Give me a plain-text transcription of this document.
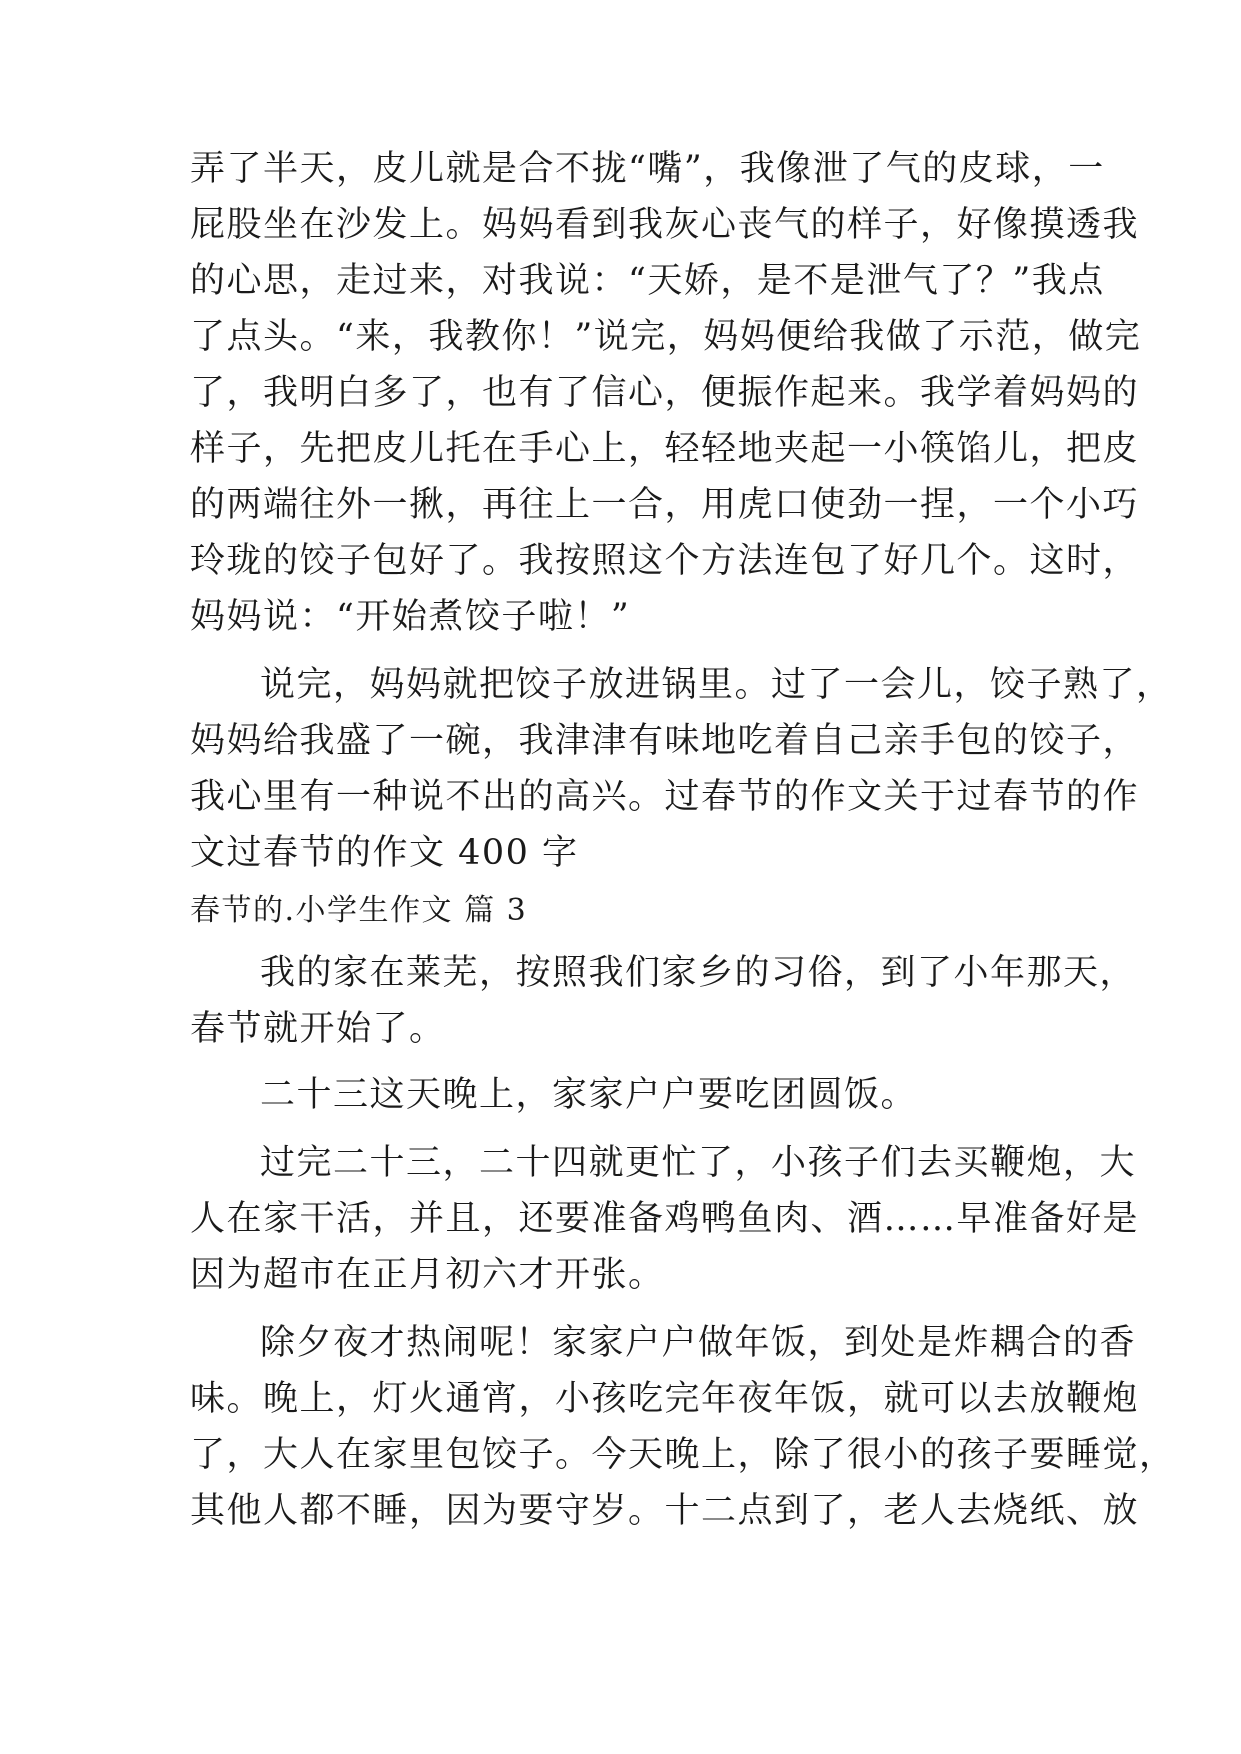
弄了半天，皮儿就是合不拢“嘴”，我像泄了气的皮球，一
屁股坐在沙发上。妈妈看到我灰心丧气的样子，好像摸透我
的心思，走过来，对我说：“天娇，是不是泄气了？”我点
了点头。“来，我教你！”说完，妈妈便给我做了示范，做完
了，我明白多了，也有了信心，便振作起来。我学着妈妈的
样子，先把皮儿托在手心上，轻轻地夹起一小筷馅儿，把皮
的两端往外一揪，再往上一合，用虎口使劲一捏，一个小巧
玲珑的饺子包好了。我按照这个方法连包了好几个。这时，
妈妈说：“开始煮饺子啦！”
说完，妈妈就把饺子放进锅里。过了一会儿，饺子熟了，
妈妈给我盛了一碗，我津津有味地吃着自己亲手包的饺子，
我心里有一种说不出的高兴。过春节的作文关于过春节的作
文过春节的作文 400 字
春节的.小学生作文 篇 3
我的家在莱芜，按照我们家乡的习俗，到了小年那天，
春节就开始了。
二十三这天晚上，家家户户要吃团圆饭。
过完二十三，二十四就更忙了，小孩子们去买鞭炮，大
人在家干活，并且，还要准备鸡鸭鱼肉、酒……早准备好是
因为超市在正月初六才开张。
除夕夜才热闹呢！家家户户做年饭，到处是炸耦合的香
味。晚上，灯火通宵，小孩吃完年夜年饭，就可以去放鞭炮
了，大人在家里包饺子。今天晚上，除了很小的孩子要睡觉，
其他人都不睡，因为要守岁。十二点到了，老人去烧纸、放
